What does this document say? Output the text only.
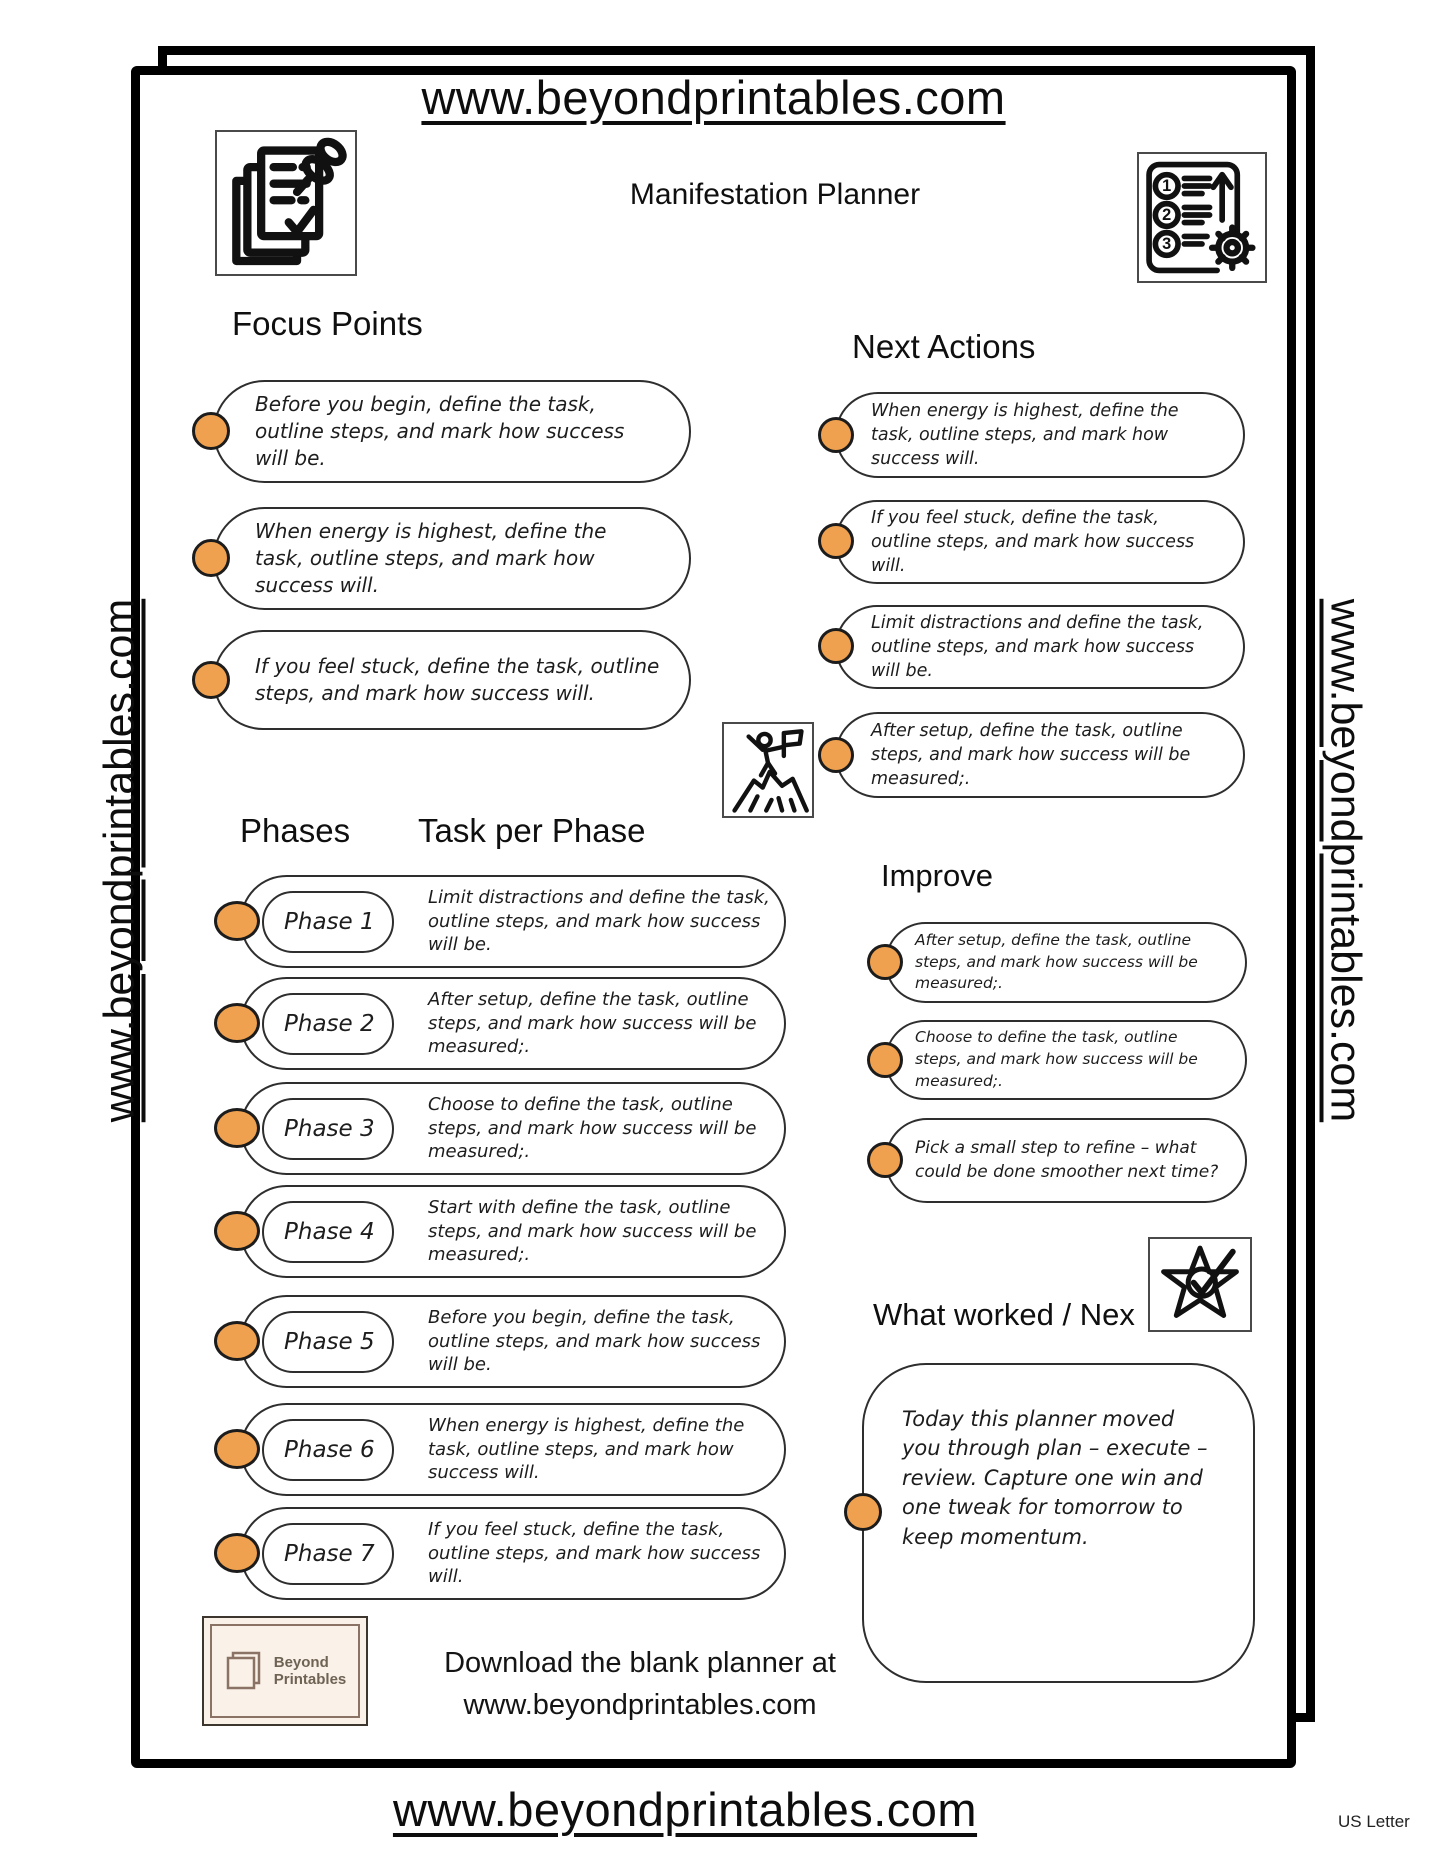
www.beyondprintables.com
www.beyondprintables.com	www.beyondprintables.com
Manifestation Planner	1
2
3
Focus Points
Before you begin, define the task, outline steps, and mark how success will be.
When energy is highest, define the task, outline steps, and mark how success will.
If you feel stuck, define the task, outline steps, and mark how success will.
Next Actions
When energy is highest, define the task, outline steps, and mark how success will.
If you feel stuck, define the task, outline steps, and mark how success will.
Limit distractions and define the task, outline steps, and mark how success will be.
After setup, define the task, outline steps, and mark how success will be measured;.
Phases Task per Phase
Phase 1
Limit distractions and define the task, outline steps, and mark how success will be.
Phase 2
After setup, define the task, outline steps, and mark how success will be measured;.
Phase 3
Choose to define the task, outline steps, and mark how success will be measured;.
Phase 4
Start with define the task, outline steps, and mark how success will be measured;.
Phase 5
Before you begin, define the task, outline steps, and mark how success will be.
Phase 6
When energy is highest, define the task, outline steps, and mark how success will.
Phase 7
If you feel stuck, define the task, outline steps, and mark how success will.
Improve
After setup, define the task, outline steps, and mark how success will be measured;.
Choose to define the task, outline steps, and mark how success will be measured;.
Pick a small step to refine – what could be done smoother next time?
What worked / Nex
Today this planner moved you through plan – execute – review. Capture one win and one tweak for tomorrow to keep momentum.
Beyond
Printables
Download the blank planner at
www.beyondprintables.com
www.beyondprintables.com	US Letter
